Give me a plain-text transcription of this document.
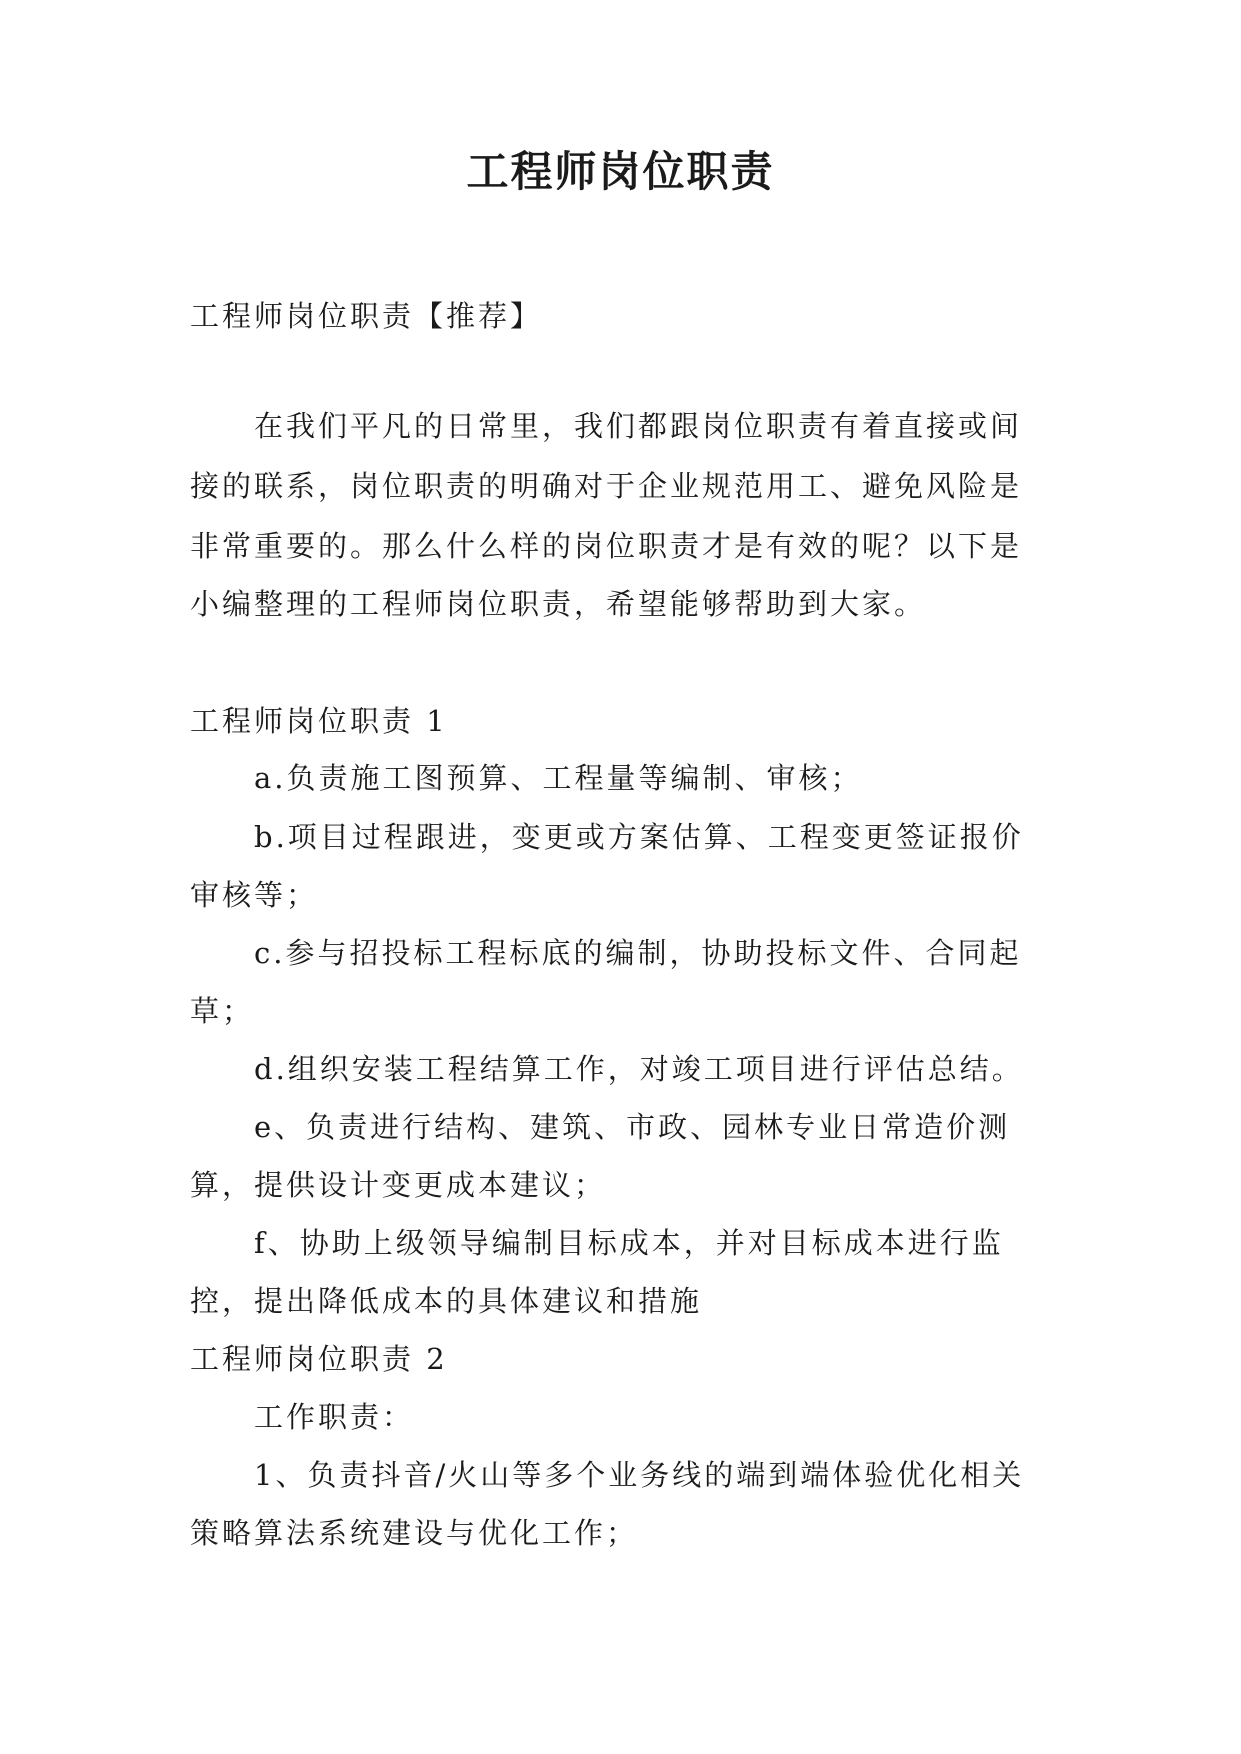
工程师岗位职责
工程师岗位职责【推荐】
在我们平凡的日常里，我们都跟岗位职责有着直接或间
接的联系，岗位职责的明确对于企业规范用工、避免风险是
非常重要的。那么什么样的岗位职责才是有效的呢？以下是
小编整理的工程师岗位职责，希望能够帮助到大家。
工程师岗位职责 1
a.负责施工图预算、工程量等编制、审核；
b.项目过程跟进，变更或方案估算、工程变更签证报价
审核等；
c.参与招投标工程标底的编制，协助投标文件、合同起
草；
d.组织安装工程结算工作，对竣工项目进行评估总结。
e、负责进行结构、建筑、市政、园林专业日常造价测
算，提供设计变更成本建议；
f、协助上级领导编制目标成本，并对目标成本进行监
控，提出降低成本的具体建议和措施
工程师岗位职责 2
工作职责：
1、负责抖音/火山等多个业务线的端到端体验优化相关
策略算法系统建设与优化工作；
